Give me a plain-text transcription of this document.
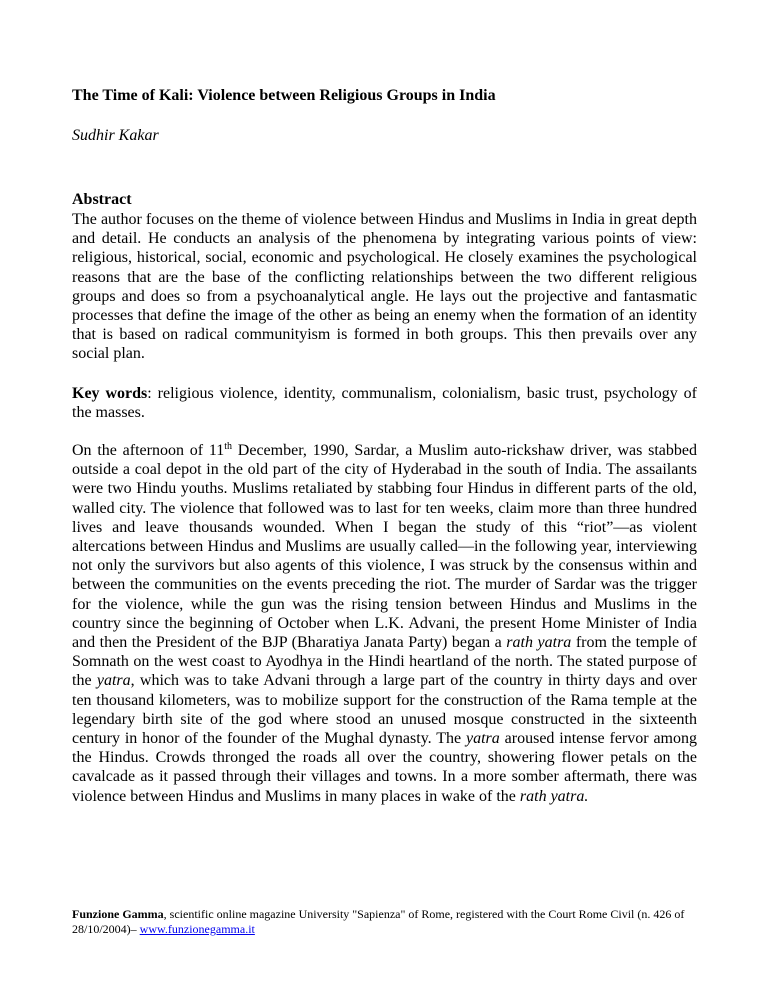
The Time of Kali: Violence between Religious Groups in India
Sudhir Kakar
Abstract

The author focuses on the theme of violence between Hindus and Muslims in India in great depth and detail. He conducts an analysis of the phenomena by integrating various points of view: religious, historical, social, economic and psychological. He closely examines the psychological reasons that are the base of the conflicting relationships between the two different religious groups and does so from a psychoanalytical angle. He lays out the projective and fantasmatic processes that define the image of the other as being an enemy when the formation of an identity that is based on radical communityism is formed in both groups. This then prevails over any social plan.

Key words: religious violence, identity, communalism, colonialism, basic trust, psychology of the masses.

On the afternoon of 11th December, 1990, Sardar, a Muslim auto-rickshaw driver, was stabbed outside a coal depot in the old part of the city of Hyderabad in the south of India. The assailants were two Hindu youths. Muslims retaliated by stabbing four Hindus in different parts of the old, walled city. The violence that followed was to last for ten weeks, claim more than three hundred lives and leave thousands wounded. When I began the study of this “riot”—as violent altercations between Hindus and Muslims are usually called—in the following year, interviewing not only the survivors but also agents of this violence, I was struck by the consensus within and between the communities on the events preceding the riot. The murder of Sardar was the trigger for the violence, while the gun was the rising tension between Hindus and Muslims in the country since the beginning of October when L.K. Advani, the present Home Minister of India and then the President of the BJP (Bharatiya Janata Party) began a rath yatra from the temple of Somnath on the west coast to Ayodhya in the Hindi heartland of the north. The stated purpose of the yatra, which was to take Advani through a large part of the country in thirty days and over ten thousand kilometers, was to mobilize support for the construction of the Rama temple at the legendary birth site of the god where stood an unused mosque constructed in the sixteenth century in honor of the founder of the Mughal dynasty. The yatra aroused intense fervor among the Hindus. Crowds thronged the roads all over the country, showering flower petals on the cavalcade as it passed through their villages and towns. In a more somber aftermath, there was violence between Hindus and Muslims in many places in wake of the rath yatra.

Funzione Gamma, scientific online magazine University "Sapienza" of Rome, registered with the Court Rome Civil (n. 426 of 28/10/2004)– www.funzionegamma.it
